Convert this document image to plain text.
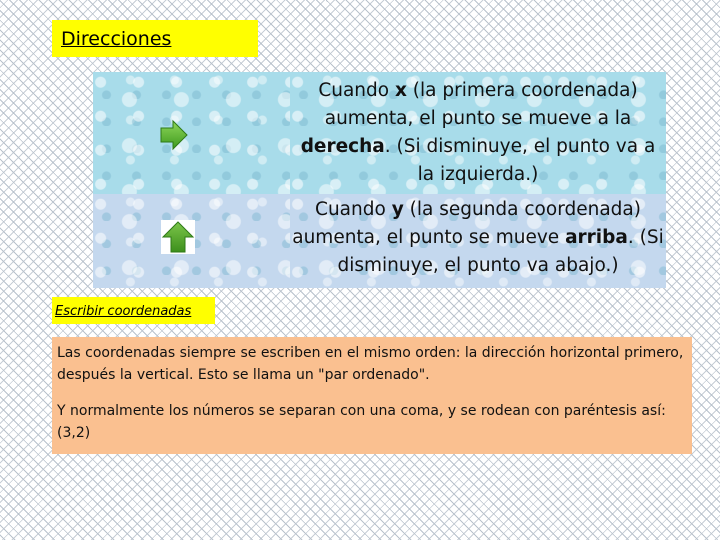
Direcciones
Cuando x (la primera coordenada) aumenta, el punto se mueve a la derecha. (Si disminuye, el punto va a la izquierda.)
Cuando y (la segunda coordenada) aumenta, el punto se mueve arriba. (Si disminuye, el punto va abajo.)
Escribir coordenadas

Las coordenadas siempre se escriben en el mismo orden: la dirección horizontal primero, después la vertical. Esto se llama un "par ordenado".

Y normalmente los números se separan con una coma, y se rodean con paréntesis así: (3,2)
